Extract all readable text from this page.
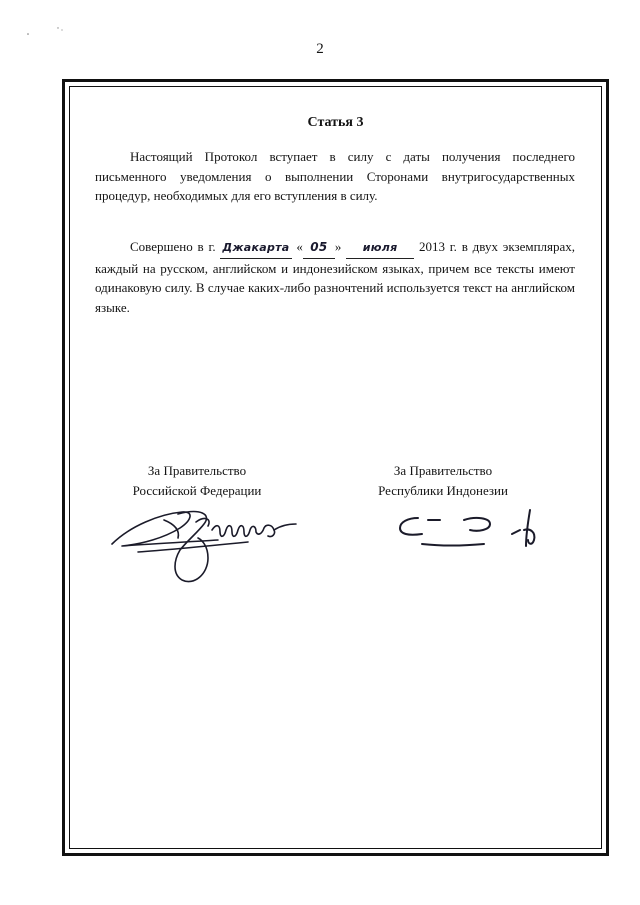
2
Статья 3

Настоящий Протокол вступает в силу с даты получения последнего письменного уведомления о выполнении Сторонами внутригосударственных процедур, необходимых для его вступления в силу.

Совершено в г. Джакарта « 05 » июля 2013 г. в двух экземплярах, каждый на русском, английском и индонезийском языках, причем все тексты имеют одинаковую силу. В случае каких-либо разночтений используется текст на английском языке.

За Правительство
Российской Федерации
За Правительство
Республики Индонезии
